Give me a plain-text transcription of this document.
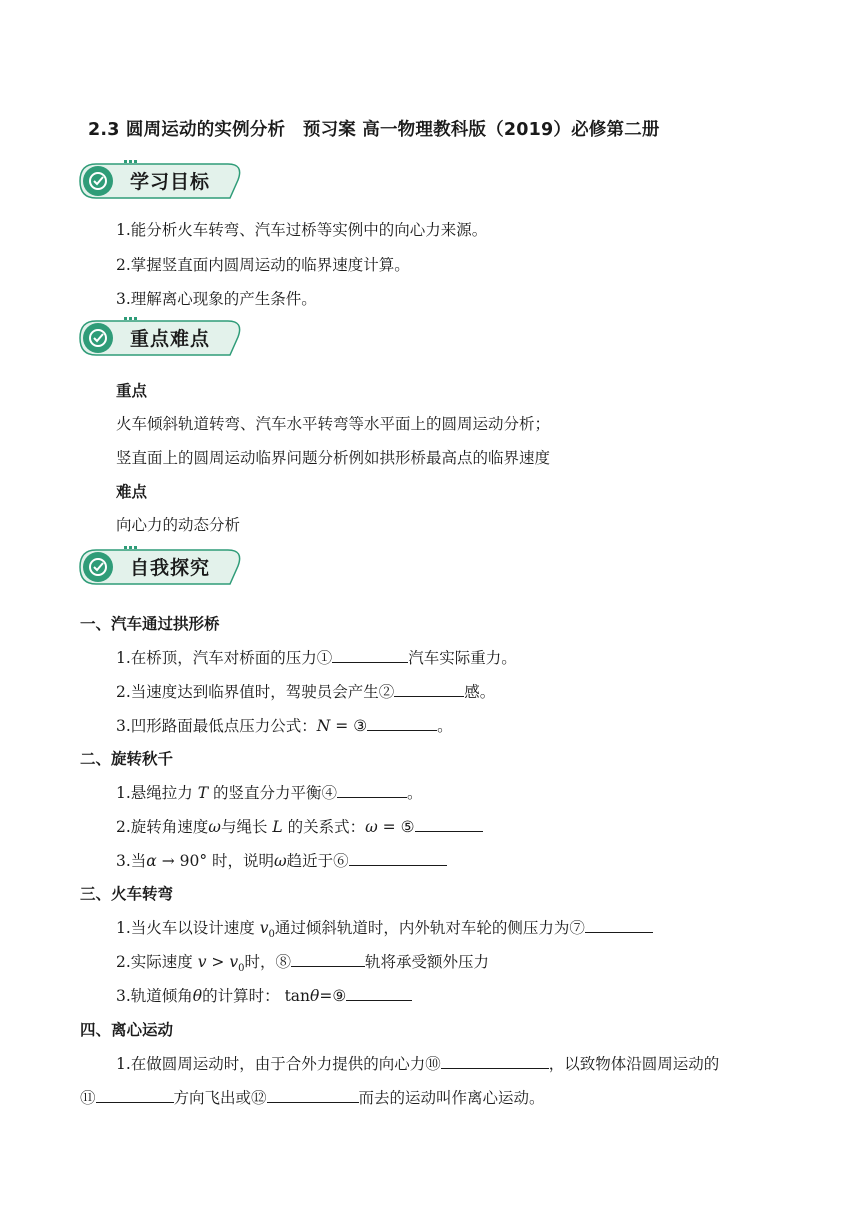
2.3 圆周运动的实例分析　预习案 高一物理教科版（2019）必修第二册
学习目标
1.能分析火车转弯、汽车过桥等实例中的向心力来源。
2.掌握竖直面内圆周运动的临界速度计算。
3.理解离心现象的产生条件。
重点难点
重点
火车倾斜轨道转弯、汽车水平转弯等水平面上的圆周运动分析；
竖直面上的圆周运动临界问题分析例如拱形桥最高点的临界速度
难点
向心力的动态分析
自我探究
一、汽车通过拱形桥
1.在桥顶，汽车对桥面的压力①	汽车实际重力。
2.当速度达到临界值时，驾驶员会产生②	感。
3.凹形路面最低点压力公式：N = ③	。
二、旋转秋千
1.悬绳拉力 T 的竖直分力平衡④	。
2.旋转角速度ω与绳长 L 的关系式：ω = ⑤
3.当α → 90° 时，说明ω趋近于⑥
三、火车转弯
1.当火车以设计速度 $v_0$通过倾斜轨道时，内外轨对车轮的侧压力为⑦
2.实际速度 $v > v_0$时，⑧	轨将承受额外压力
3.轨道倾角θ的计算时： tanθ=⑨
四、离心运动
1.在做圆周运动时，由于合外力提供的向心力⑩	，以致物体沿圆周运动的
⑪	方向飞出或⑫	而去的运动叫作离心运动。
